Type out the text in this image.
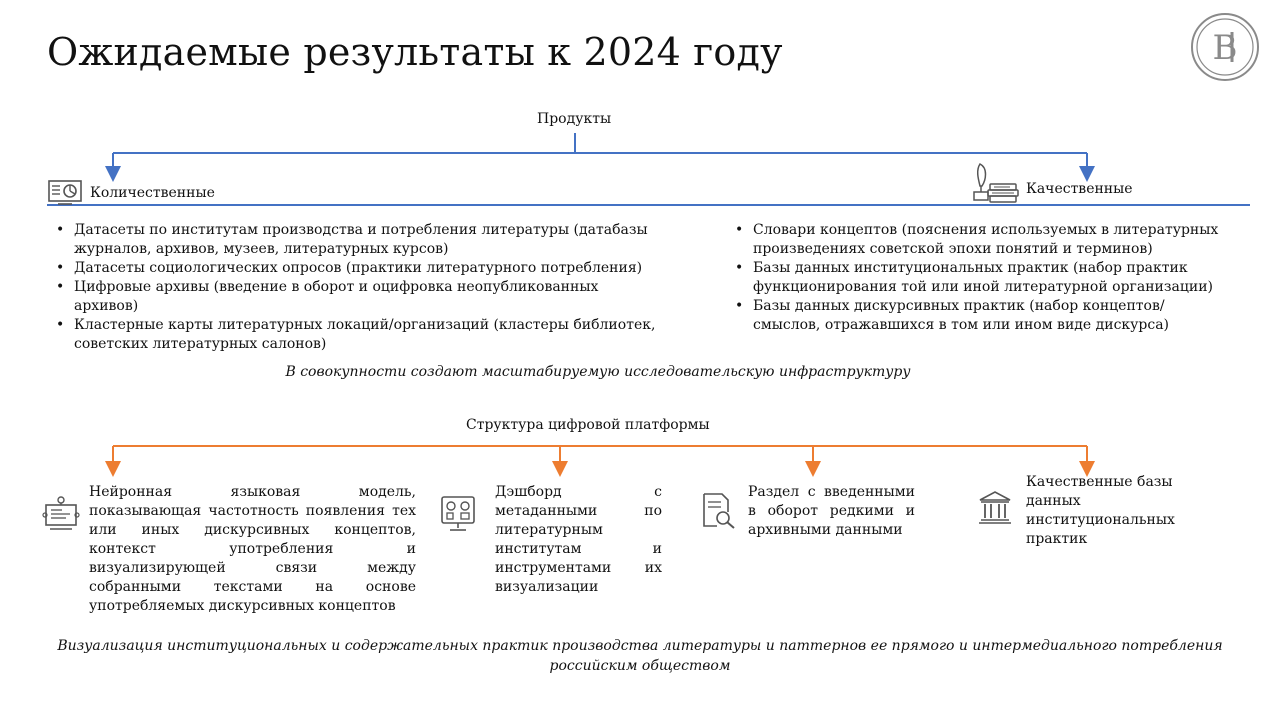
Ожидаемые результаты к 2024 году	В
Продукты
Количественные	Качественные
• Датасеты по институтам производства и потребления литературы (датабазы журналов, архивов, музеев, литературных курсов)
• Датасеты социологических опросов (практики литературного потребления)
• Цифровые архивы (введение в оборот и оцифровка неопубликованных архивов)
• Кластерные карты литературных локаций/организаций (кластеры библиотек, советских литературных салонов)
• Словари концептов (пояснения используемых в литературных произведениях советской эпохи понятий и терминов)
• Базы данных институциональных практик (набор практик функционирования той или иной литературной организации)
• Базы данных дискурсивных практик (набор концептов/смыслов, отражавшихся в том или ином виде дискурса)
В совокупности создают масштабируемую исследовательскую инфраструктуру
Структура цифровой платформы
Нейронная языковая модель, показывающая частотность появления тех или иных дискурсивных концептов, контекст употребления и визуализирующей связи между собранными текстами на основе употребляемых дискурсивных концептов
Дэшборд с метаданными по литературным институтам и инструментами их визуализации
Раздел с введенными в оборот редкими и архивными данными
Качественные базы данных институциональных практик
Визуализация институциональных и содержательных практик производства литературы и паттернов ее прямого и интермедиального потребления
российским обществом
